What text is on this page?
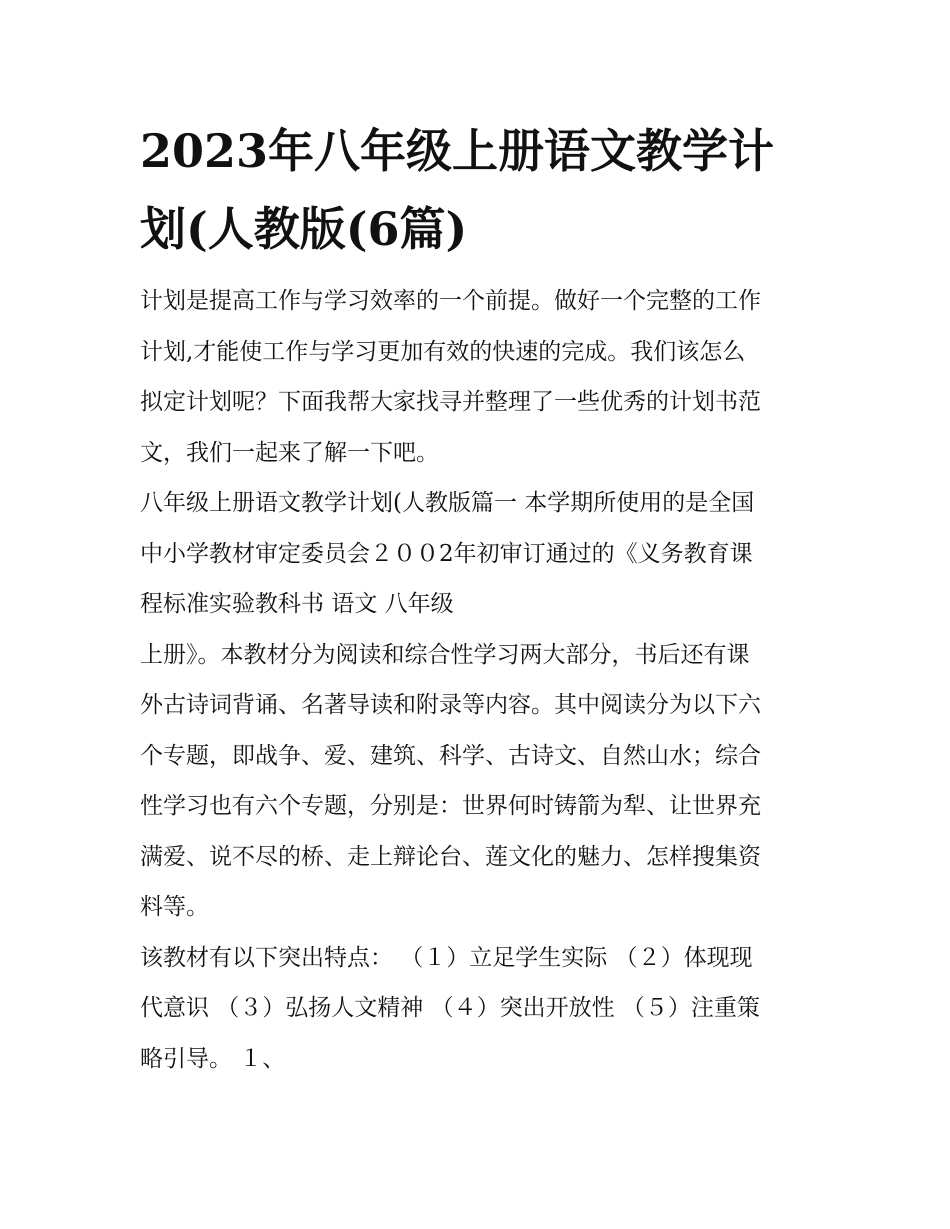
2023年八年级上册语文教学计
划(人教版(6篇)

计划是提高工作与学习效率的一个前提。做好一个完整的工作
计划,才能使工作与学习更加有效的快速的完成。我们该怎么
拟定计划呢？下面我帮大家找寻并整理了一些优秀的计划书范
文，我们一起来了解一下吧。

八年级上册语文教学计划(人教版篇一 本学期所使用的是全国
中小学教材审定委员会２００2年初审订通过的《义务教育课
程标准实验教科书 语文 八年级

上册》。本教材分为阅读和综合性学习两大部分，书后还有课
外古诗词背诵、名著导读和附录等内容。其中阅读分为以下六
个专题，即战争、爱、建筑、科学、古诗文、自然山水；综合
性学习也有六个专题，分别是：世界何时铸箭为犁、让世界充
满爱、说不尽的桥、走上辩论台、莲文化的魅力、怎样搜集资
料等。

该教材有以下突出特点： （１）立足学生实际 （２）体现现
代意识 （３）弘扬人文精神 （４）突出开放性 （５）注重策
略引导。 １、
